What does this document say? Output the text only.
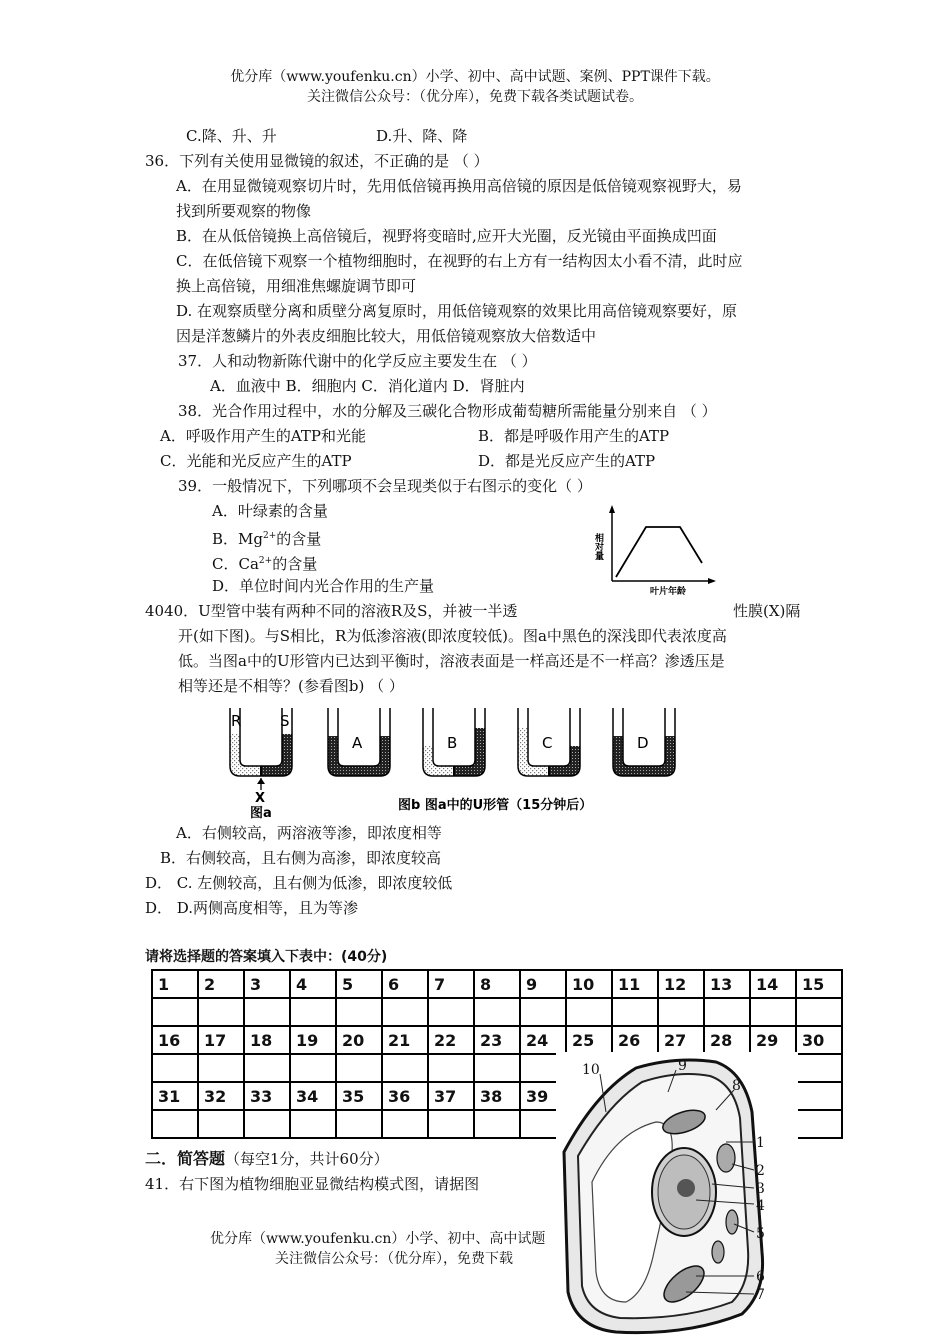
优分库（www.youfenku.cn）小学、初中、高中试题、案例、PPT课件下载。
关注微信公众号：（优分库），免费下载各类试题试卷。
C.降、升、升	D.升、降、降
36．下列有关使用显微镜的叙述，不正确的是 （ ）
A．在用显微镜观察切片时，先用低倍镜再换用高倍镜的原因是低倍镜观察视野大，易
找到所要观察的物像
B．在从低倍镜换上高倍镜后，视野将变暗时,应开大光圈，反光镜由平面换成凹面
C．在低倍镜下观察一个植物细胞时，在视野的右上方有一结构因太小看不清，此时应
换上高倍镜，用细准焦螺旋调节即可
D. 在观察质壁分离和质壁分离复原时，用低倍镜观察的效果比用高倍镜观察要好，原
因是洋葱鳞片的外表皮细胞比较大，用低倍镜观察放大倍数适中
37．人和动物新陈代谢中的化学反应主要发生在 （ ）
A．血液中 B．细胞内 C．消化道内 D．肾脏内
38．光合作用过程中，水的分解及三碳化合物形成葡萄糖所需能量分别来自 （ ）
A．呼吸作用产生的ATP和光能	B．都是呼吸作用产生的ATP
C．光能和光反应产生的ATP	D．都是光反应产生的ATP
39．一般情况下，下列哪项不会呈现类似于右图示的变化（ ）
A．叶绿素的含量
B．$Mg^{2+}$的含量
C．$Ca^{2+}$的含量
D．单位时间内光合作用的生产量
相对量
叶片年龄
4040．U型管中装有两种不同的溶液R及S，并被一半透	性膜(X)隔
开(如下图)。与S相比，R为低渗溶液(即浓度较低)。图a中黑色的深浅即代表浓度高
低。当图a中的U形管内已达到平衡时，溶液表面是一样高还是不一样高？渗透压是
相等还是不相等？(参看图b) （ ）
R	S
X
图a
A	B	C	D
图b 图a中的U形管（15分钟后）
A．右侧较高，两溶液等渗，即浓度相等
B．右侧较高，且右侧为高渗，即浓度较高
D． C. 左侧较高，且右侧为低渗，即浓度较低
D． D.两侧高度相等，且为等渗
请将选择题的答案填入下表中：(40分)
1	2	3	4	5	6	7	8	9	10	11	12	13	14	15

16	17	18	19	20	21	22	23	24	25	26	27	28	29	30

31	32	33	34	35	36	37	38	39						

二．简答题（每空1分，共计60分）
41．右下图为植物细胞亚显微结构模式图，请据图
优分库（www.youfenku.cn）小学、初中、高中试题
关注微信公众号：（优分库），免费下载
10	9
8
1
2
3
4
5
6
7
